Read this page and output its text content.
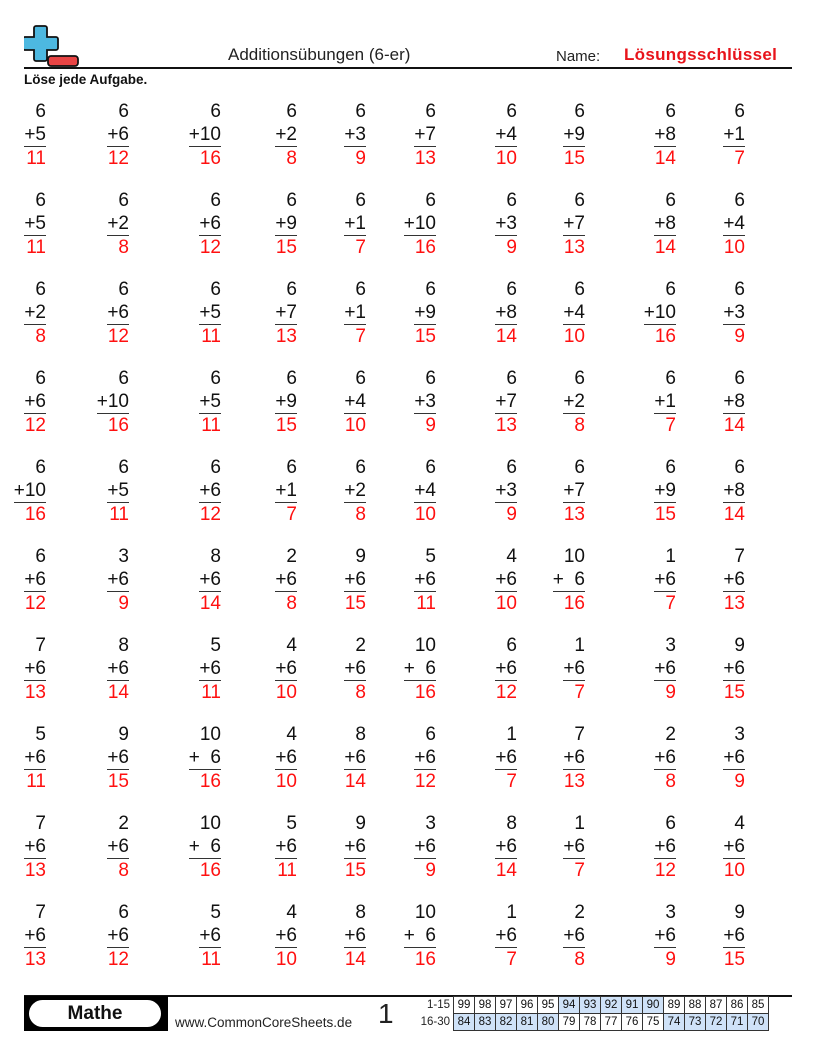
Additionsübungen (6-er)	Name: Lösungsschlüssel
Löse jede Aufgabe.
6
+5
11
6
+6
12
6
+10
16
6
+2
8
6
+3
9
6
+7
13
6
+4
10
6
+9
15
6
+8
14
6
+1
7
6
+5
11
6
+2
8
6
+6
12
6
+9
15
6
+1
7
6
+10
16
6
+3
9
6
+7
13
6
+8
14
6
+4
10
6
+2
8
6
+6
12
6
+5
11
6
+7
13
6
+1
7
6
+9
15
6
+8
14
6
+4
10
6
+10
16
6
+3
9
6
+6
12
6
+10
16
6
+5
11
6
+9
15
6
+4
10
6
+3
9
6
+7
13
6
+2
8
6
+1
7
6
+8
14
6
+10
16
6
+5
11
6
+6
12
6
+1
7
6
+2
8
6
+4
10
6
+3
9
6
+7
13
6
+9
15
6
+8
14
6
+6
12
3
+6
9
8
+6
14
2
+6
8
9
+6
15
5
+6
11
4
+6
10
10
+  6
16
1
+6
7
7
+6
13
7
+6
13
8
+6
14
5
+6
11
4
+6
10
2
+6
8
10
+  6
16
6
+6
12
1
+6
7
3
+6
9
9
+6
15
5
+6
11
9
+6
15
10
+  6
16
4
+6
10
8
+6
14
6
+6
12
1
+6
7
7
+6
13
2
+6
8
3
+6
9
7
+6
13
2
+6
8
10
+  6
16
5
+6
11
9
+6
15
3
+6
9
8
+6
14
1
+6
7
6
+6
12
4
+6
10
7
+6
13
6
+6
12
5
+6
11
4
+6
10
8
+6
14
10
+  6
16
1
+6
7
2
+6
8
3
+6
9
9
+6
15
Mathe	www.CommonCoreSheets.de 1	1-15	99	98	97	96	95	94	93	92	91	90	89	88	87	86	85
16-30	84	83	82	81	80	79	78	77	76	75	74	73	72	71	70
